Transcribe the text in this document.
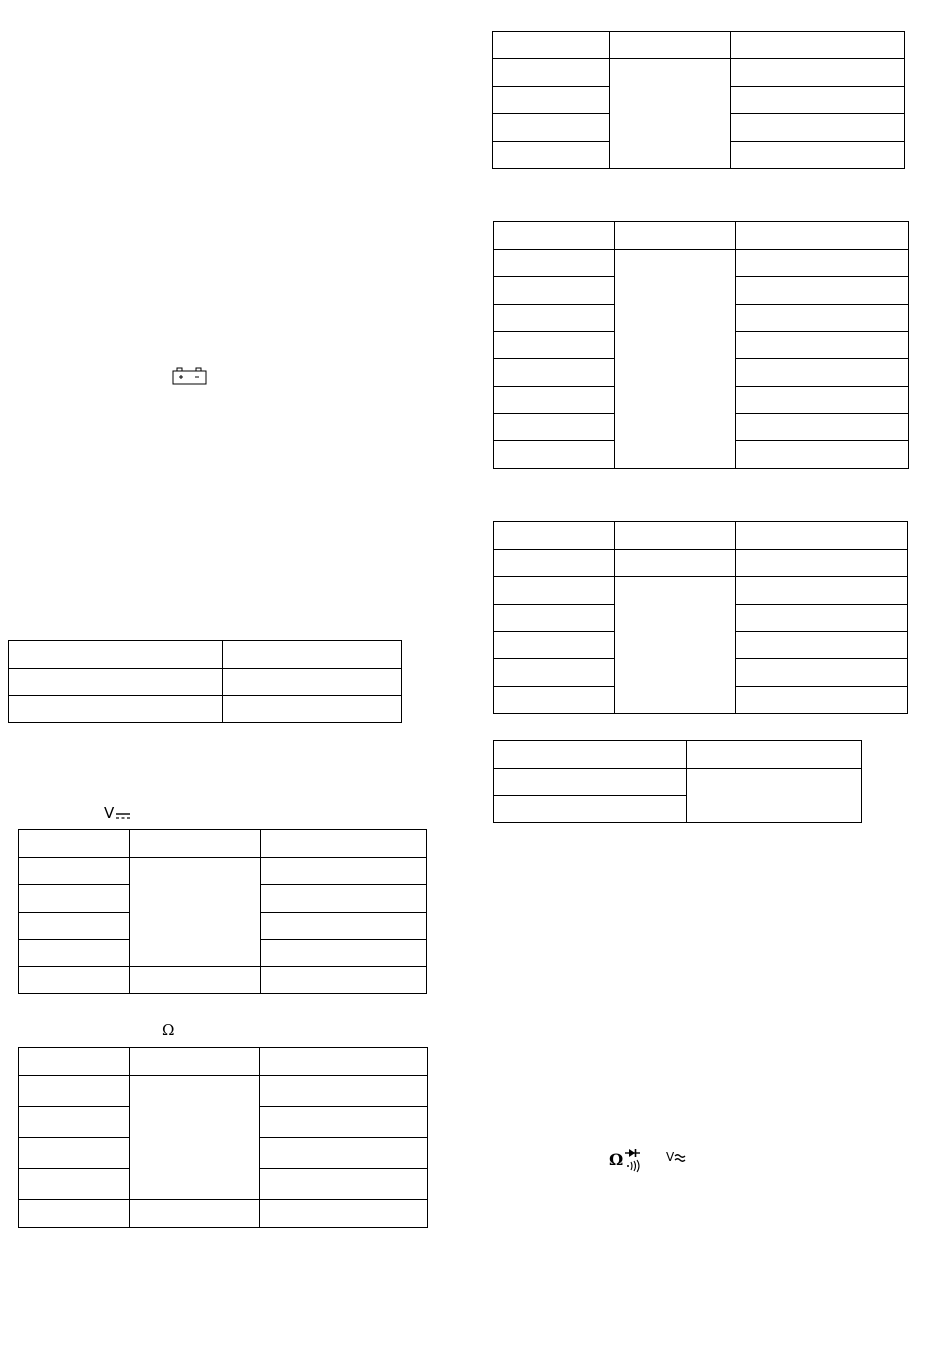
V

Ω

Ω	V
